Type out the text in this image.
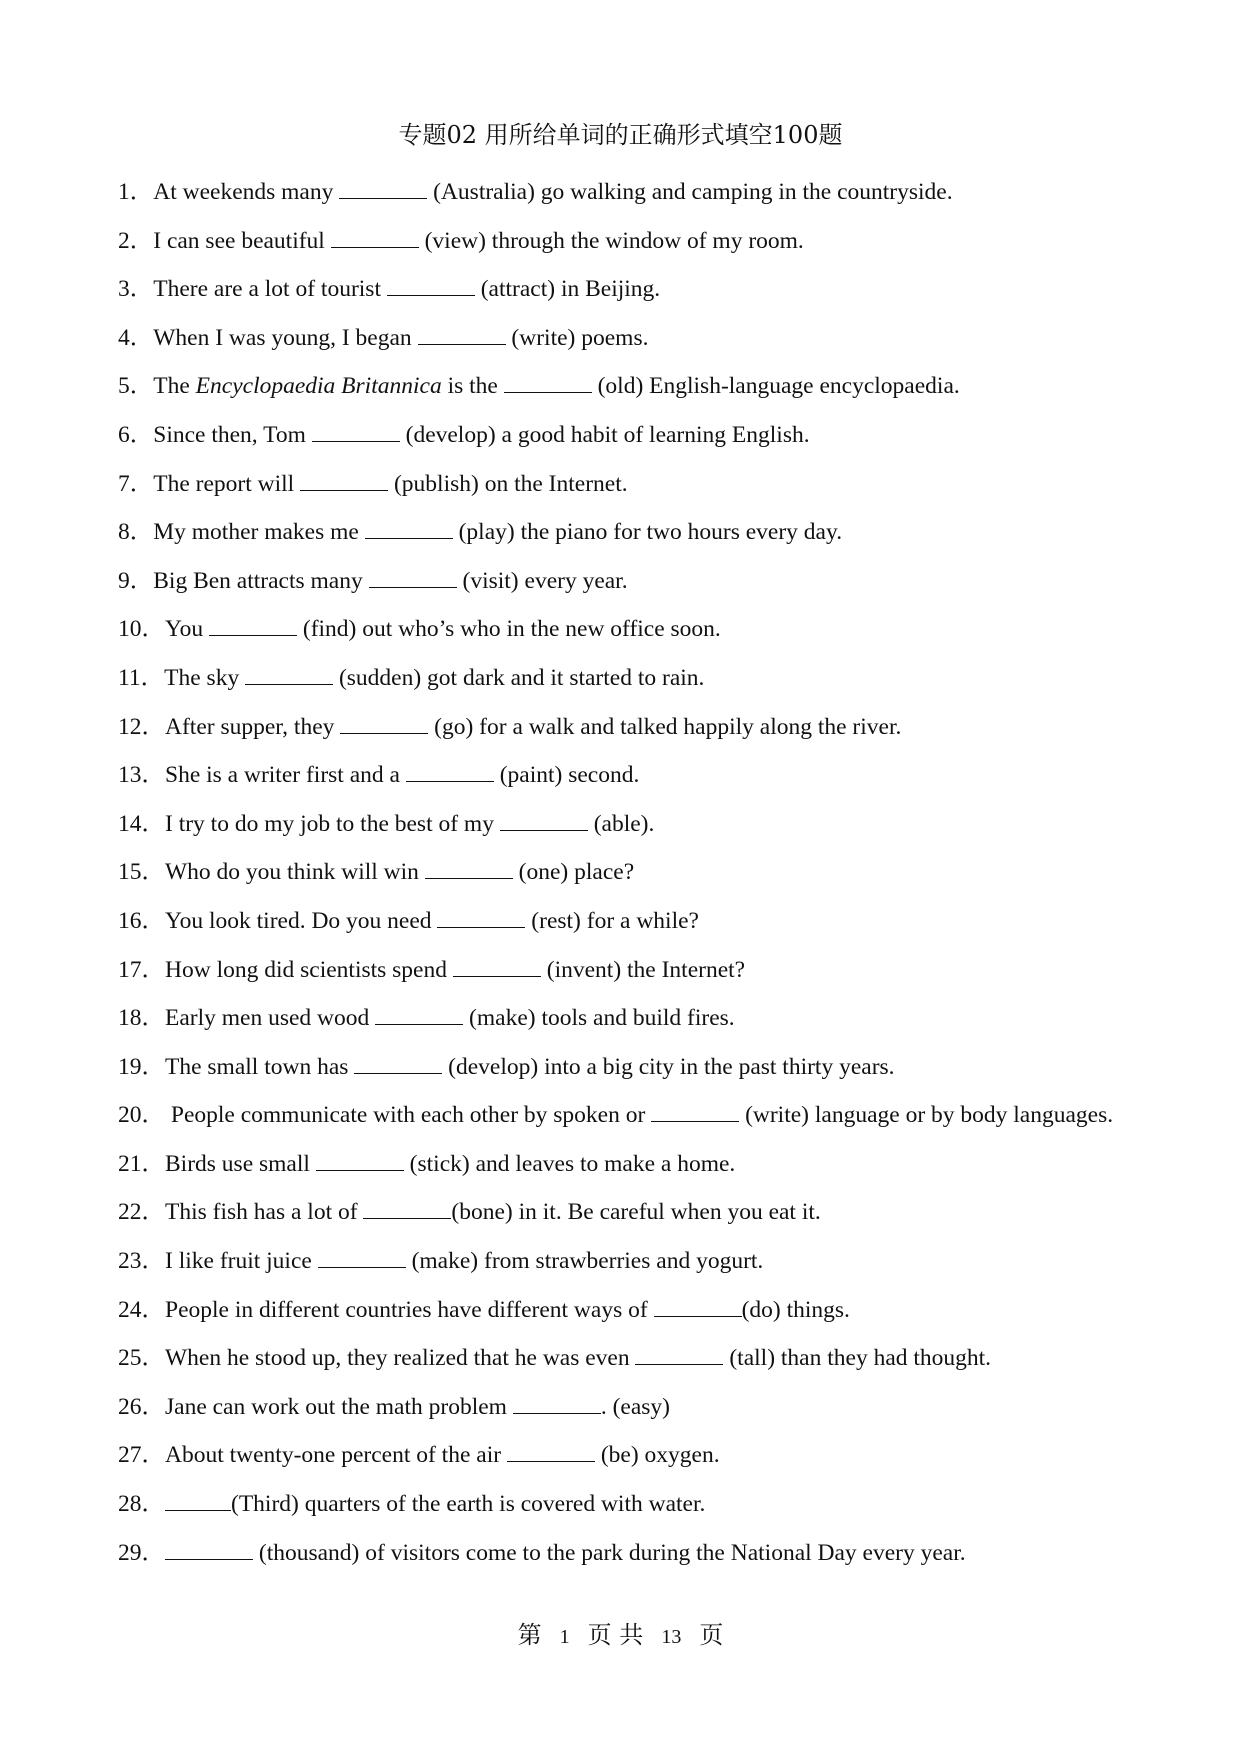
专题02 用所给单词的正确形式填空100题
1．At weekends many	(Australia) go walking and camping in the countryside.
2．I can see beautiful	(view) through the window of my room.
3．There are a lot of tourist	(attract) in Beijing.
4．When I was young, I began	(write) poems.
5．The Encyclopaedia Britannica is the	(old) English-language encyclopaedia.
6．Since then, Tom	(develop) a good habit of learning English.
7．The report will	(publish) on the Internet.
8．My mother makes me	(play) the piano for two hours every day.
9．Big Ben attracts many	(visit) every year.
10．You	(find) out who’s who in the new office soon.
11．The sky	(sudden) got dark and it started to rain.
12．After supper, they	(go) for a walk and talked happily along the river.
13．She is a writer first and a	(paint) second.
14．I try to do my job to the best of my	(able).
15．Who do you think will win	(one) place?
16．You look tired. Do you need	(rest) for a while?
17．How long did scientists spend	(invent) the Internet?
18．Early men used wood	(make) tools and build fires.
19．The small town has	(develop) into a big city in the past thirty years.
20． People communicate with each other by spoken or	(write) language or by body languages.
21．Birds use small	(stick) and leaves to make a home.
22．This fish has a lot of	(bone) in it. Be careful when you eat it.
23．I like fruit juice	(make) from strawberries and yogurt.
24．People in different countries have different ways of	(do) things.
25．When he stood up, they realized that he was even	(tall) than they had thought.
26．Jane can work out the math problem	. (easy)
27．About twenty-one percent of the air	(be) oxygen.
28．	(Third) quarters of the earth is covered with water.
29．	(thousand) of visitors come to the park during the National Day every year.
第 1 页 共 13 页
